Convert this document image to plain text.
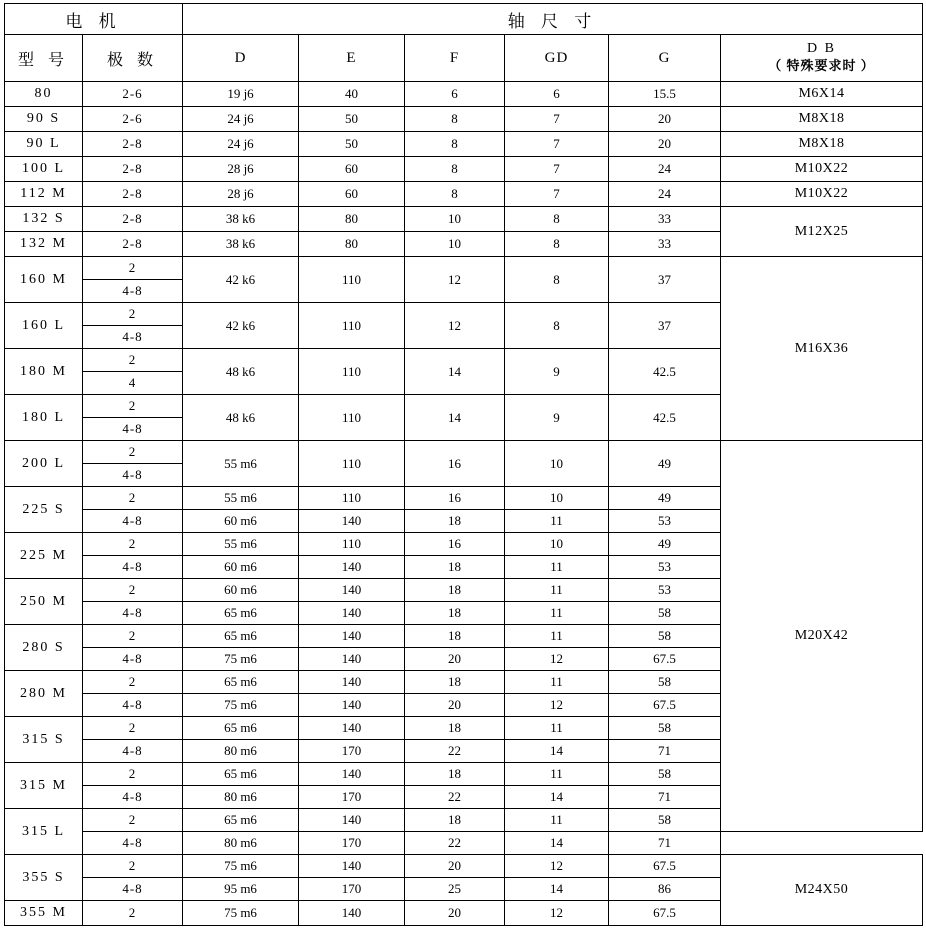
电 机		轴 尺 寸					
型 号	极 数	D	E	F	GD	G	D B
（ 特殊要求时 ）

80	2-6	19 j6	40	6	6	15.5	M6X14
90 S	2-6	24 j6	50	8	7	20	M8X18
90 L	2-8	24 j6	50	8	7	20	M8X18
100 L	2-8	28 j6	60	8	7	24	M10X22
112 M	2-8	28 j6	60	8	7	24	M10X22
132 S	2-8	38 k6	80	10	8	33	M12X25
132 M	2-8	38 k6	80	10	8	33	
160 M	2	42 k6	110	12	8	37	M16X36
	4-8						
160 L	2	42 k6	110	12	8	37	
	4-8						
180 M	2	48 k6	110	14	9	42.5	
	4						
180 L	2	48 k6	110	14	9	42.5	
	4-8						
200 L	2	55 m6	110	16	10	49	M20X42
	4-8						
225 S	2	55 m6	110	16	10	49	
	4-8	60 m6	140	18	11	53	
225 M	2	55 m6	110	16	10	49	
	4-8	60 m6	140	18	11	53	
250 M	2	60 m6	140	18	11	53	
	4-8	65 m6	140	18	11	58	
280 S	2	65 m6	140	18	11	58	
	4-8	75 m6	140	20	12	67.5	
280 M	2	65 m6	140	18	11	58	
	4-8	75 m6	140	20	12	67.5	
315 S	2	65 m6	140	18	11	58	
	4-8	80 m6	170	22	14	71	
315 M	2	65 m6	140	18	11	58	
	4-8	80 m6	170	22	14	71	
315 L	2	65 m6	140	18	11	58	
	4-8	80 m6	170	22	14	71	
355 S	2	75 m6	140	20	12	67.5	M24X50
	4-8	95 m6	170	25	14	86	
355 M	2	75 m6	140	20	12	67.5	
